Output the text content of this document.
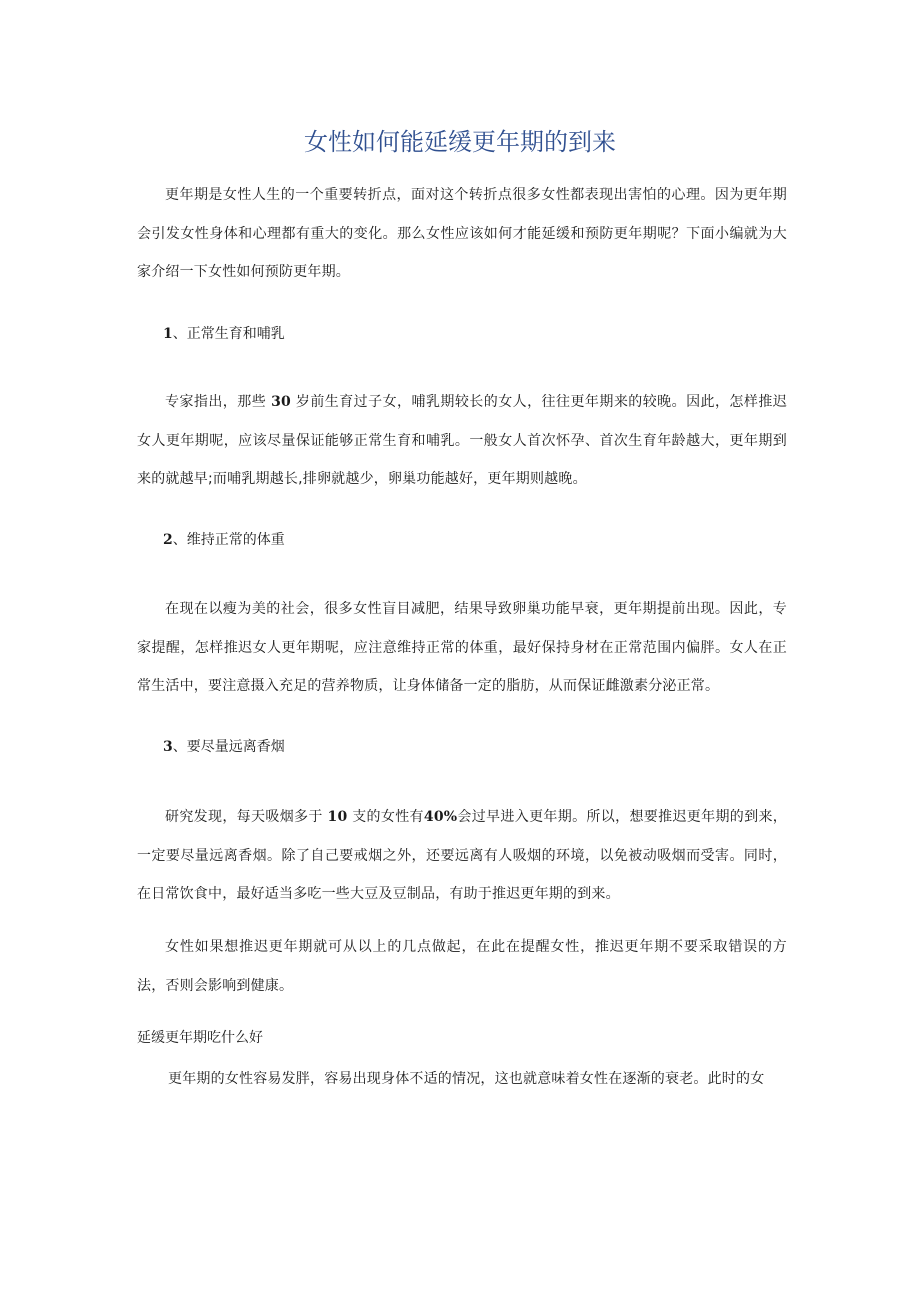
女性如何能延缓更年期的到来

更年期是女性人生的一个重要转折点，面对这个转折点很多女性都表现出害怕的心理。因为更年期会引发女性身体和心理都有重大的变化。那么女性应该如何才能延缓和预防更年期呢？下面小编就为大家介绍一下女性如何预防更年期。

1、正常生育和哺乳

专家指出，那些 30 岁前生育过子女，哺乳期较长的女人，往往更年期来的较晚。因此，怎样推迟女人更年期呢，应该尽量保证能够正常生育和哺乳。一般女人首次怀孕、首次生育年龄越大，更年期到来的就越早;而哺乳期越长,排卵就越少，卵巢功能越好，更年期则越晚。

2、维持正常的体重

在现在以瘦为美的社会，很多女性盲目减肥，结果导致卵巢功能早衰，更年期提前出现。因此，专家提醒，怎样推迟女人更年期呢，应注意维持正常的体重，最好保持身材在正常范围内偏胖。女人在正常生活中，要注意摄入充足的营养物质，让身体储备一定的脂肪，从而保证雌激素分泌正常。

3、要尽量远离香烟

研究发现，每天吸烟多于 10 支的女性有40%会过早进入更年期。所以，想要推迟更年期的到来，一定要尽量远离香烟。除了自己要戒烟之外，还要远离有人吸烟的环境，以免被动吸烟而受害。同时，在日常饮食中，最好适当多吃一些大豆及豆制品，有助于推迟更年期的到来。

女性如果想推迟更年期就可从以上的几点做起，在此在提醒女性，推迟更年期不要采取错误的方法，否则会影响到健康。

延缓更年期吃什么好

更年期的女性容易发胖，容易出现身体不适的情况，这也就意味着女性在逐渐的衰老。此时的女
